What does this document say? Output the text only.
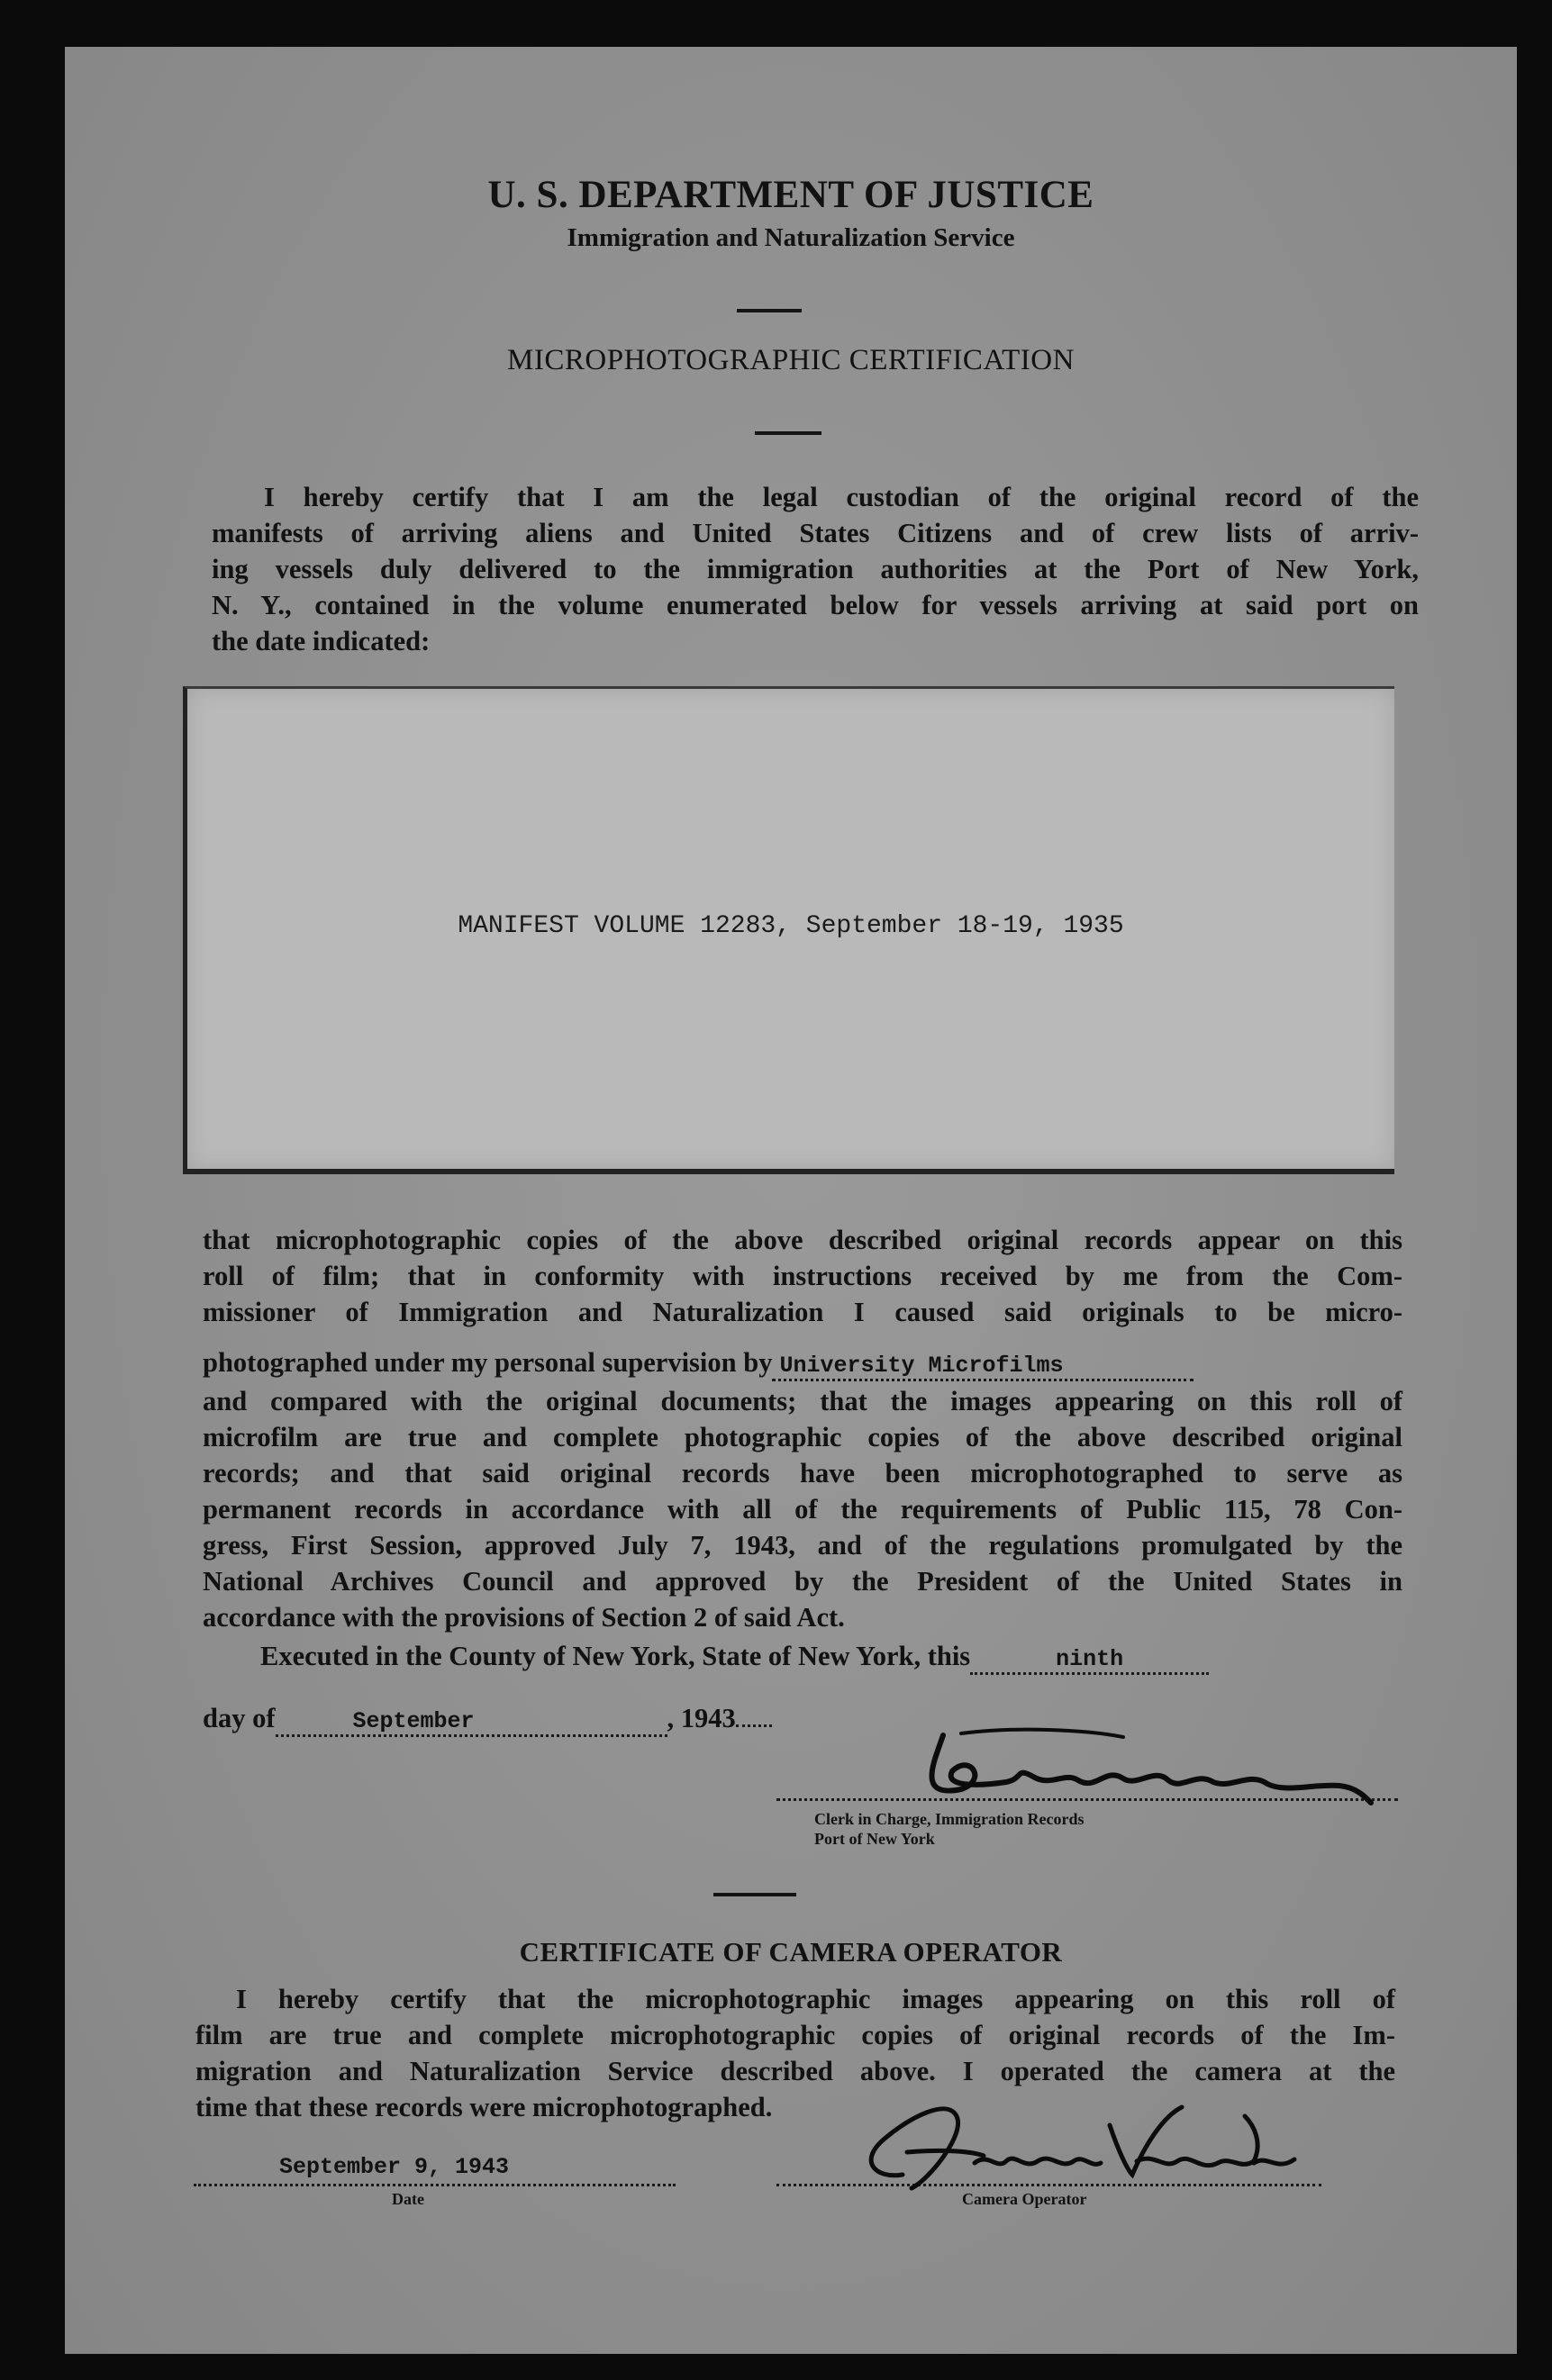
U. S. DEPARTMENT OF JUSTICE
Immigration and Naturalization Service
MICROPHOTOGRAPHIC CERTIFICATION
I hereby certify that I am the legal custodian of the original record of the
manifests of arriving aliens and United States Citizens and of crew lists of arriv-
ing vessels duly delivered to the immigration authorities at the Port of New York,
N. Y., contained in the volume enumerated below for vessels arriving at said port on
the date indicated:
MANIFEST VOLUME 12283, September 18-19, 1935
that microphotographic copies of the above described original records appear on this
roll of film; that in conformity with instructions received by me from the Com-
missioner of Immigration and Naturalization I caused said originals to be micro-
photographed under my personal supervision by University Microfilms
and compared with the original documents; that the images appearing on this roll of
microfilm are true and complete photographic copies of the above described original
records; and that said original records have been microphotographed to serve as
permanent records in accordance with all of the requirements of Public 115, 78 Con-
gress, First Session, approved July 7, 1943, and of the regulations promulgated by the
National Archives Council and approved by the President of the United States in
accordance with the provisions of Section 2 of said Act.
Executed in the County of New York, State of New York, this	ninth
day of	September	, 1943
Clerk in Charge, Immigration Records
Port of New York
CERTIFICATE OF CAMERA OPERATOR
I hereby certify that the microphotographic images appearing on this roll of
film are true and complete microphotographic copies of original records of the Im-
migration and Naturalization Service described above. I operated the camera at the
time that these records were microphotographed.
September 9, 1943
Date	Camera Operator
